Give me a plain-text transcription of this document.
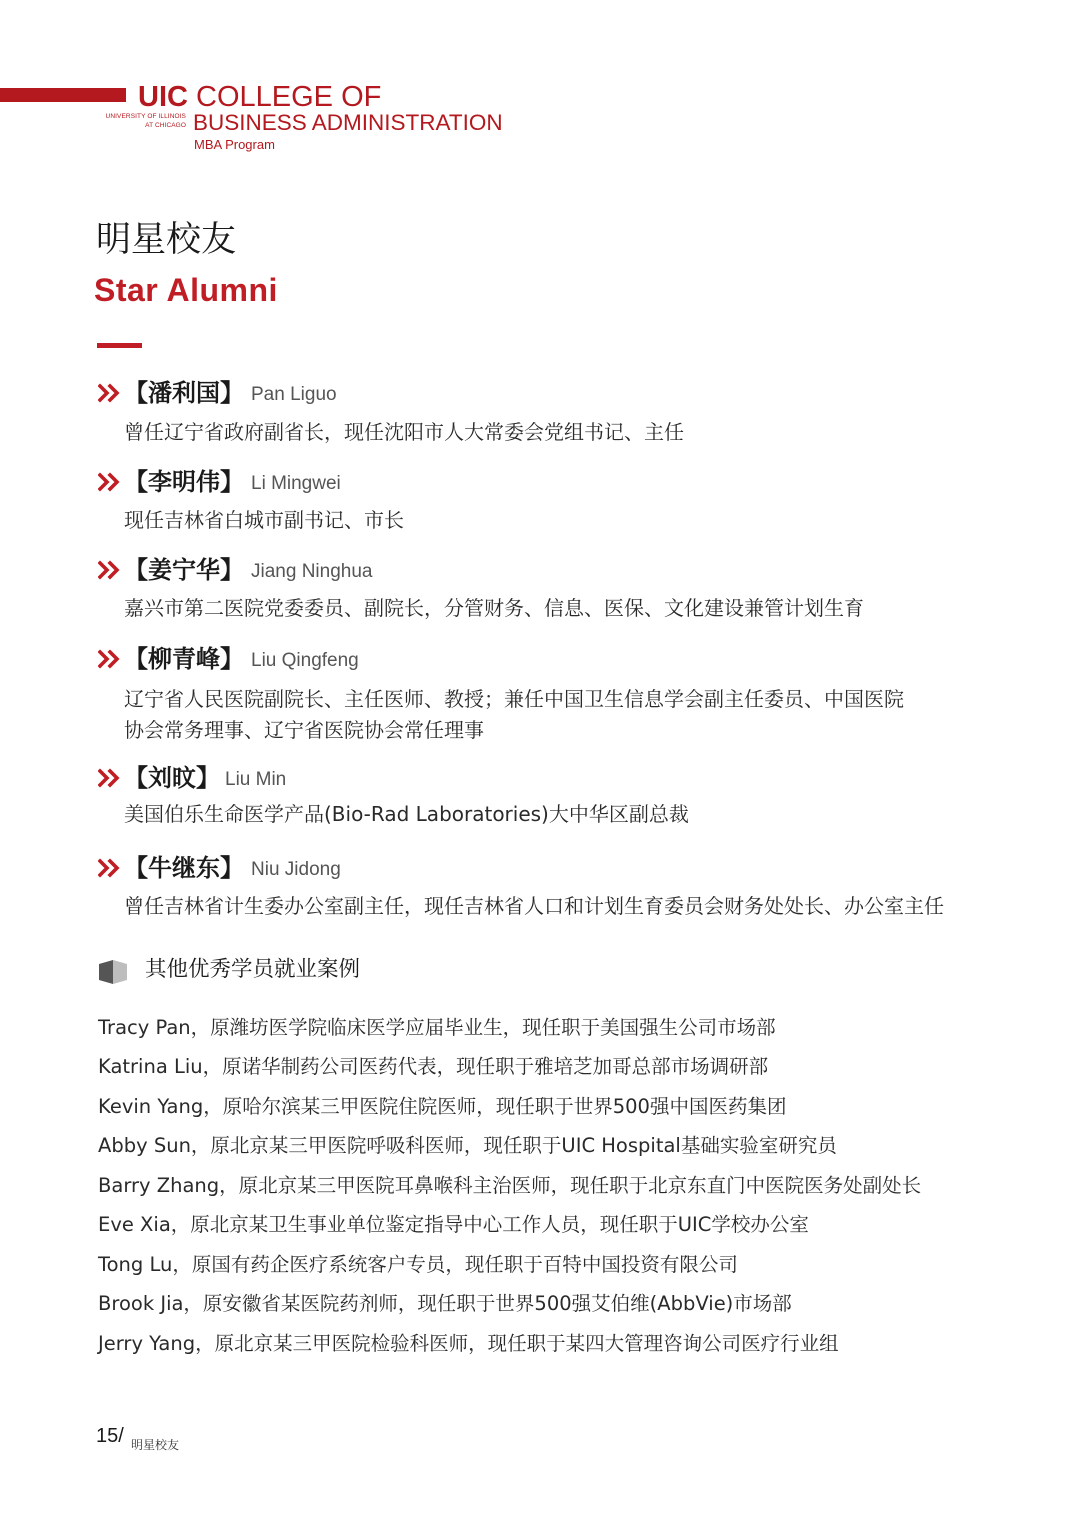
UNIVERSITY OF ILLINOIS
AT CHICAGO
UIC COLLEGE OF
BUSINESS ADMINISTRATION
MBA Program
明星校友
Star Alumni
【潘利国】 Pan Liguo
曾任辽宁省政府副省长，现任沈阳市人大常委会党组书记、主任
【李明伟】 Li Mingwei
现任吉林省白城市副书记、市长
【姜宁华】 Jiang Ninghua
嘉兴市第二医院党委委员、副院长，分管财务、信息、医保、文化建设兼管计划生育
【柳青峰】 Liu Qingfeng
辽宁省人民医院副院长、主任医师、教授；兼任中国卫生信息学会副主任委员、中国医院
协会常务理事、辽宁省医院协会常任理事
【刘旼】 Liu Min
美国伯乐生命医学产品(Bio-Rad Laboratories)大中华区副总裁
【牛继东】 Niu Jidong
曾任吉林省计生委办公室副主任，现任吉林省人口和计划生育委员会财务处处长、办公室主任
其他优秀学员就业案例
Tracy Pan，原潍坊医学院临床医学应届毕业生，现任职于美国强生公司市场部
Katrina Liu，原诺华制药公司医药代表，现任职于雅培芝加哥总部市场调研部
Kevin Yang，原哈尔滨某三甲医院住院医师，现任职于世界500强中国医药集团
Abby Sun，原北京某三甲医院呼吸科医师，现任职于UIC Hospital基础实验室研究员
Barry Zhang，原北京某三甲医院耳鼻喉科主治医师，现任职于北京东直门中医院医务处副处长
Eve Xia，原北京某卫生事业单位鉴定指导中心工作人员，现任职于UIC学校办公室
Tong Lu，原国有药企医疗系统客户专员，现任职于百特中国投资有限公司
Brook Jia，原安徽省某医院药剂师，现任职于世界500强艾伯维(AbbVie)市场部
Jerry Yang，原北京某三甲医院检验科医师，现任职于某四大管理咨询公司医疗行业组
15/ 明星校友
